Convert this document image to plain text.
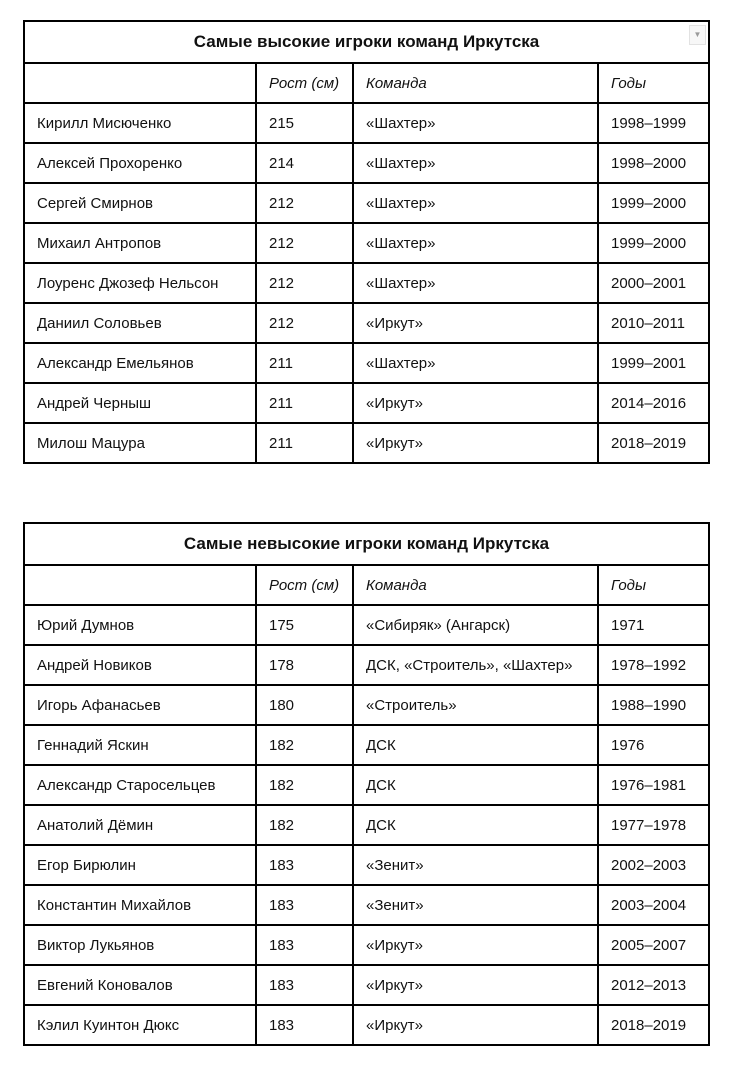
Самые высокие игроки команд Иркутска			
	Рост (см)	Команда	Годы
Кирилл Мисюченко	215	«Шахтер»	1998–1999
Алексей Прохоренко	214	«Шахтер»	1998–2000
Сергей Смирнов	212	«Шахтер»	1999–2000
Михаил Антропов	212	«Шахтер»	1999–2000
Лоуренс Джозеф Нельсон	212	«Шахтер»	2000–2001
Даниил Соловьев	212	«Иркут»	2010–2011
Александр Емельянов	211	«Шахтер»	1999–2001
Андрей Черныш	211	«Иркут»	2014–2016
Милош Мацура	211	«Иркут»	2018–2019
▼
Самые невысокие игроки команд Иркутска			
	Рост (см)	Команда	Годы
Юрий Думнов	175	«Сибиряк» (Ангарск)	1971
Андрей Новиков	178	ДСК, «Строитель», «Шахтер»	1978–1992
Игорь Афанасьев	180	«Строитель»	1988–1990
Геннадий Яскин	182	ДСК	1976
Александр Старосельцев	182	ДСК	1976–1981
Анатолий Дёмин	182	ДСК	1977–1978
Егор Бирюлин	183	«Зенит»	2002–2003
Константин Михайлов	183	«Зенит»	2003–2004
Виктор Лукьянов	183	«Иркут»	2005–2007
Евгений Коновалов	183	«Иркут»	2012–2013
Кэлил Куинтон Дюкс	183	«Иркут»	2018–2019
